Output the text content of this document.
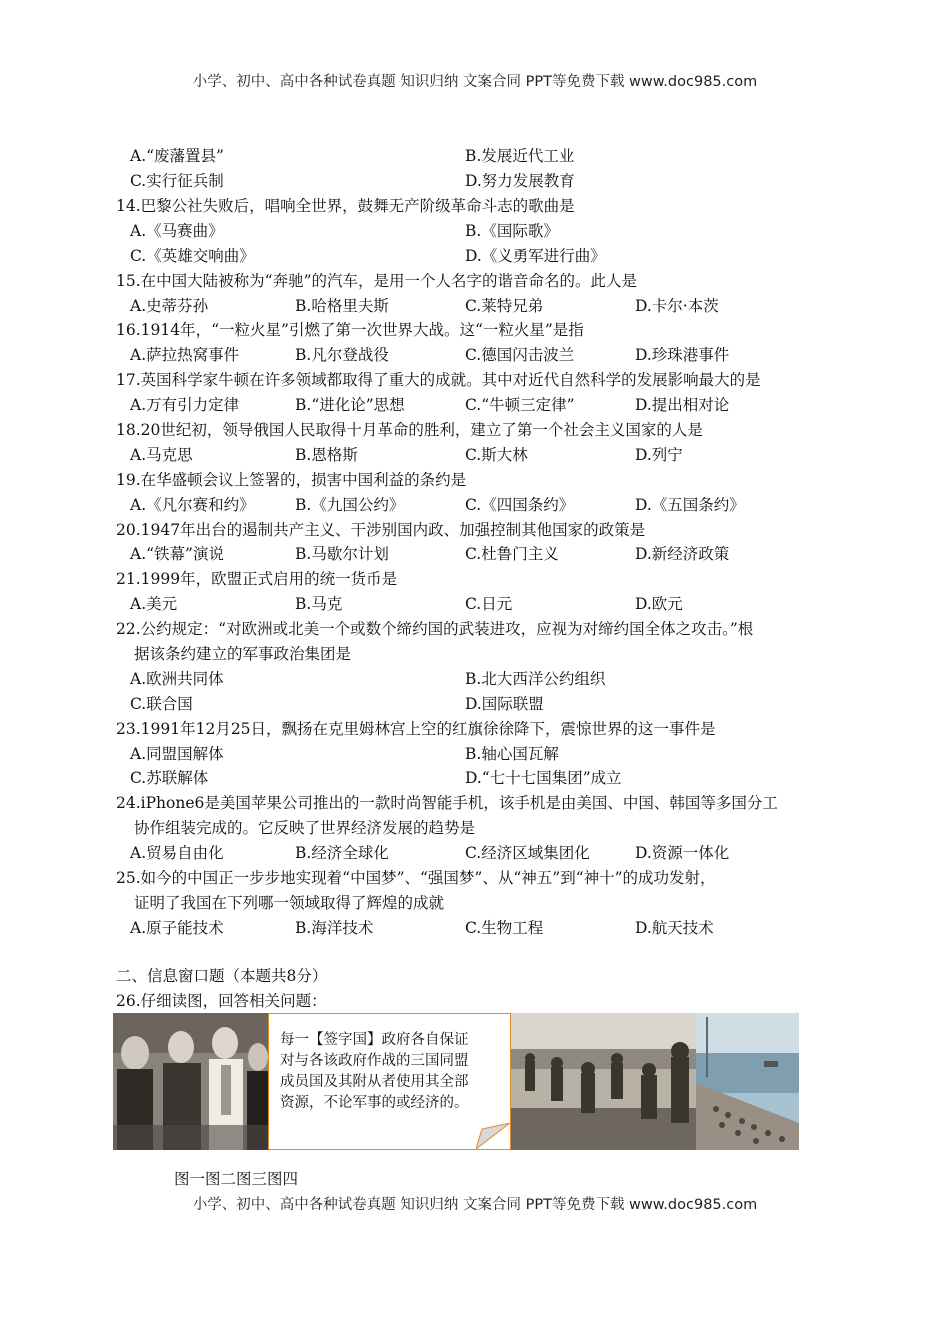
小学、初中、高中各种试卷真题 知识归纳 文案合同 PPT等免费下载 www.doc985.com
A.“废藩置县”	B.发展近代工业
C.实行征兵制	D.努力发展教育
14.巴黎公社失败后，唱响全世界，鼓舞无产阶级革命斗志的歌曲是
A.《马赛曲》	B.《国际歌》
C.《英雄交响曲》	D.《义勇军进行曲》
15.在中国大陆被称为“奔驰”的汽车，是用一个人名字的谐音命名的。此人是
A.史蒂芬孙	B.哈格里夫斯	C.莱特兄弟	D.卡尔·本茨
16.1914年，“一粒火星”引燃了第一次世界大战。这“一粒火星”是指
A.萨拉热窝事件	B.凡尔登战役	C.德国闪击波兰	D.珍珠港事件
17.英国科学家牛顿在许多领域都取得了重大的成就。其中对近代自然科学的发展影响最大的是
A.万有引力定律	B.“进化论”思想	C.“牛顿三定律”	D.提出相对论
18.20世纪初，领导俄国人民取得十月革命的胜利，建立了第一个社会主义国家的人是
A.马克思	B.恩格斯	C.斯大林	D.列宁
19.在华盛顿会议上签署的，损害中国利益的条约是
A.《凡尔赛和约》	B.《九国公约》	C.《四国条约》	D.《五国条约》
20.1947年出台的遏制共产主义、干涉别国内政、加强控制其他国家的政策是
A.“铁幕”演说	B.马歇尔计划	C.杜鲁门主义	D.新经济政策
21.1999年，欧盟正式启用的统一货币是
A.美元	B.马克	C.日元	D.欧元
22.公约规定：“对欧洲或北美一个或数个缔约国的武装进攻，应视为对缔约国全体之攻击。”根
据该条约建立的军事政治集团是
A.欧洲共同体	B.北大西洋公约组织
C.联合国	D.国际联盟
23.1991年12月25日，飘扬在克里姆林宫上空的红旗徐徐降下，震惊世界的这一事件是
A.同盟国解体	B.轴心国瓦解
C.苏联解体	D.“七十七国集团”成立
24.iPhone6是美国苹果公司推出的一款时尚智能手机，该手机是由美国、中国、韩国等多国分工
协作组装完成的。它反映了世界经济发展的趋势是
A.贸易自由化	B.经济全球化	C.经济区域集团化	D.资源一体化
25.如今的中国正一步步地实现着“中国梦”、“强国梦”、从“神五”到“神十”的成功发射，
证明了我国在下列哪一领域取得了辉煌的成就
A.原子能技术	B.海洋技术	C.生物工程	D.航天技术
二、信息窗口题（本题共8分）
26.仔细读图，回答相关问题：
每一【签字国】政府各自保证
对与各该政府作战的三国同盟
成员国及其附从者使用其全部
资源，不论军事的或经济的。
图一图二图三图四
小学、初中、高中各种试卷真题 知识归纳 文案合同 PPT等免费下载 www.doc985.com
